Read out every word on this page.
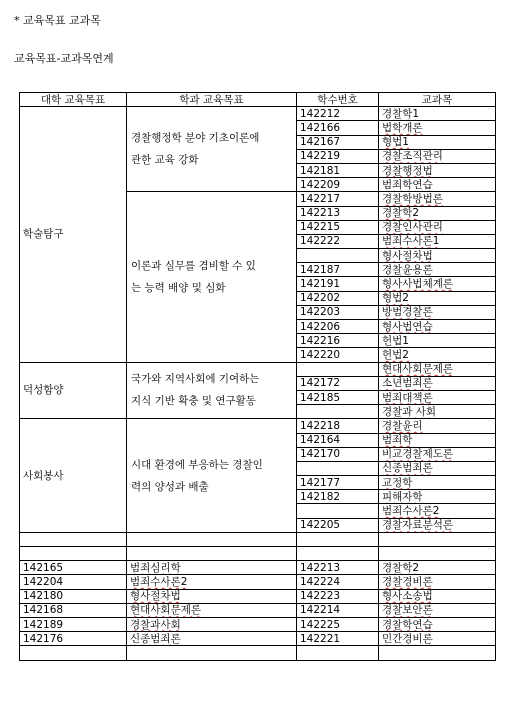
* 교육목표 교과목
교육목표-교과목연계
대학 교육목표	학과 교육목표	학수번호	교과목
학술탐구	경찰행정학 분야 기초이론에
관한 교육 강화	142212	경찰학1
		142166	법학개론
		142167	형법1
		142219	경찰조직관리
		142181	경찰행정법
		142209	범죄학연습

	이론과 실무를 겸비할 수 있
는 능력 배양 및 심화	142217	경찰학방법론
		142213	경찰학2
		142215	경찰인사관리
		142222	범죄수사론1
			형사절차법
		142187	경찰윤용론
		142191	형사사법체계론
		142202	형법2
		142203	방범경찰론
		142206	형사법연습
		142216	헌법1
		142220	헌법2
덕성함양	국가와 지역사회에 기여하는
지식 기반 확충 및 연구활동		현대사회문제론
		142172	소년범죄론
		142185	범죄대책론
			경찰과 사회
사회봉사	시대 환경에 부응하는 경찰인
력의 양성과 배출	142218	경찰윤리
		142164	범죄학
		142170	비교경찰제도론
			신종범죄론
		142177	교정학
		142182	피해자학
			범죄수사론2
		142205	경찰자료분석론

142165	범죄심리학	142213	경찰학2
142204	범죄수사론2	142224	경찰경비론
142180	형사절차법	142223	형사소송법
142168	현대사회문제론	142214	경찰보안론
142189	경찰과사회	142225	경찰학연습
142176	신종범죄론	142221	민간경비론
